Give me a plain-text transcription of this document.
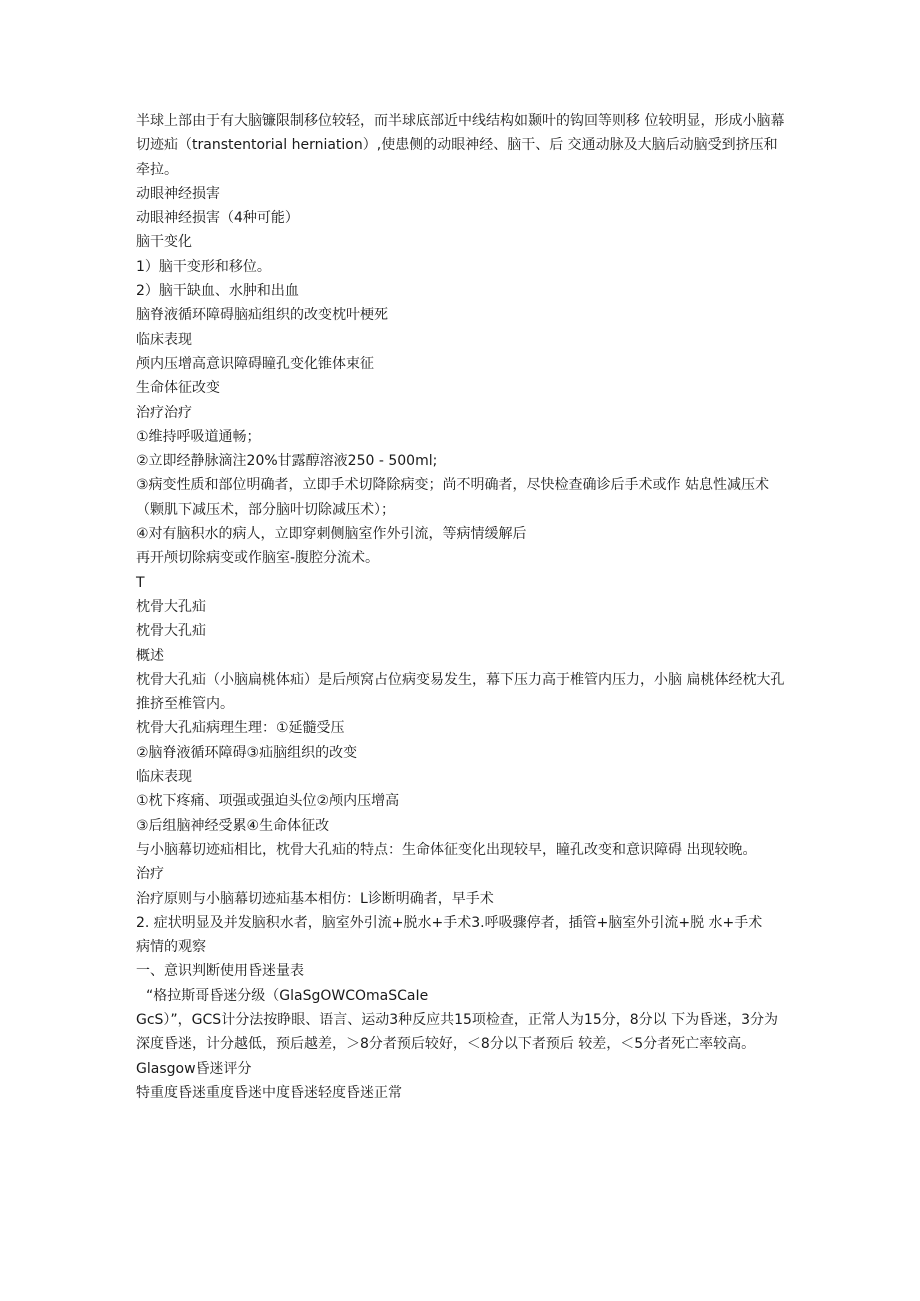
半球上部由于有大脑镰限制移位较轻，而半球底部近中线结构如颞叶的钩回等则移 位较明显，形成小脑幕切迹疝（transtentorial herniation）,使患侧的动眼神经、脑干、后 交通动脉及大脑后动脑受到挤压和牵拉。

动眼神经损害

动眼神经损害（4种可能）

脑干变化

1）脑干变形和移位。

2）脑干缺血、水肿和出血

脑脊液循环障碍脑疝组织的改变枕叶梗死

临床表现

颅内压增高意识障碍瞳孔变化锥体束征

生命体征改变

治疗治疗

①维持呼吸道通畅；

②立即经静脉滴注20%甘露醇溶液250 - 500ml;

③病变性质和部位明确者，立即手术切降除病变；尚不明确者，尽快检查确诊后手术或作 姑息性减压术（颗肌下减压术，部分脑叶切除减压术）；

④对有脑积水的病人，立即穿刺侧脑室作外引流，等病情缓解后

再开颅切除病变或作脑室-腹腔分流术。

T

枕骨大孔疝

枕骨大孔疝

概述

枕骨大孔疝（小脑扁桃体疝）是后颅窝占位病变易发生，幕下压力高于椎管内压力，小脑 扁桃体经枕大孔推挤至椎管内。

枕骨大孔疝病理生理：①延髓受压

②脑脊液循环障碍③疝脑组织的改变

临床表现

①枕下疼痛、项强或强迫头位②颅内压增高

③后组脑神经受累④生命体征改

与小脑幕切迹疝相比，枕骨大孔疝的特点：生命体征变化出现较早，瞳孔改变和意识障碍 出现较晚。

治疗

治疗原则与小脑幕切迹疝基本相仿：L诊断明确者，早手术

2. 症状明显及并发脑积水者，脑室外引流+脱水+手术3.呼吸骤停者，插管+脑室外引流+脱 水+手术

病情的观察

一、意识判断使用昏迷量表

“格拉斯哥昏迷分级（GlaSgOWCOmaSCaIe

GcS）”，GCS计分法按睁眼、语言、运动3种反应共15项检查，正常人为15分，8分以 下为昏迷，3分为深度昏迷，计分越低，预后越差，＞8分者预后较好，＜8分以下者预后 较差，＜5分者死亡率较高。

Glasgow昏迷评分

特重度昏迷重度昏迷中度昏迷轻度昏迷正常
